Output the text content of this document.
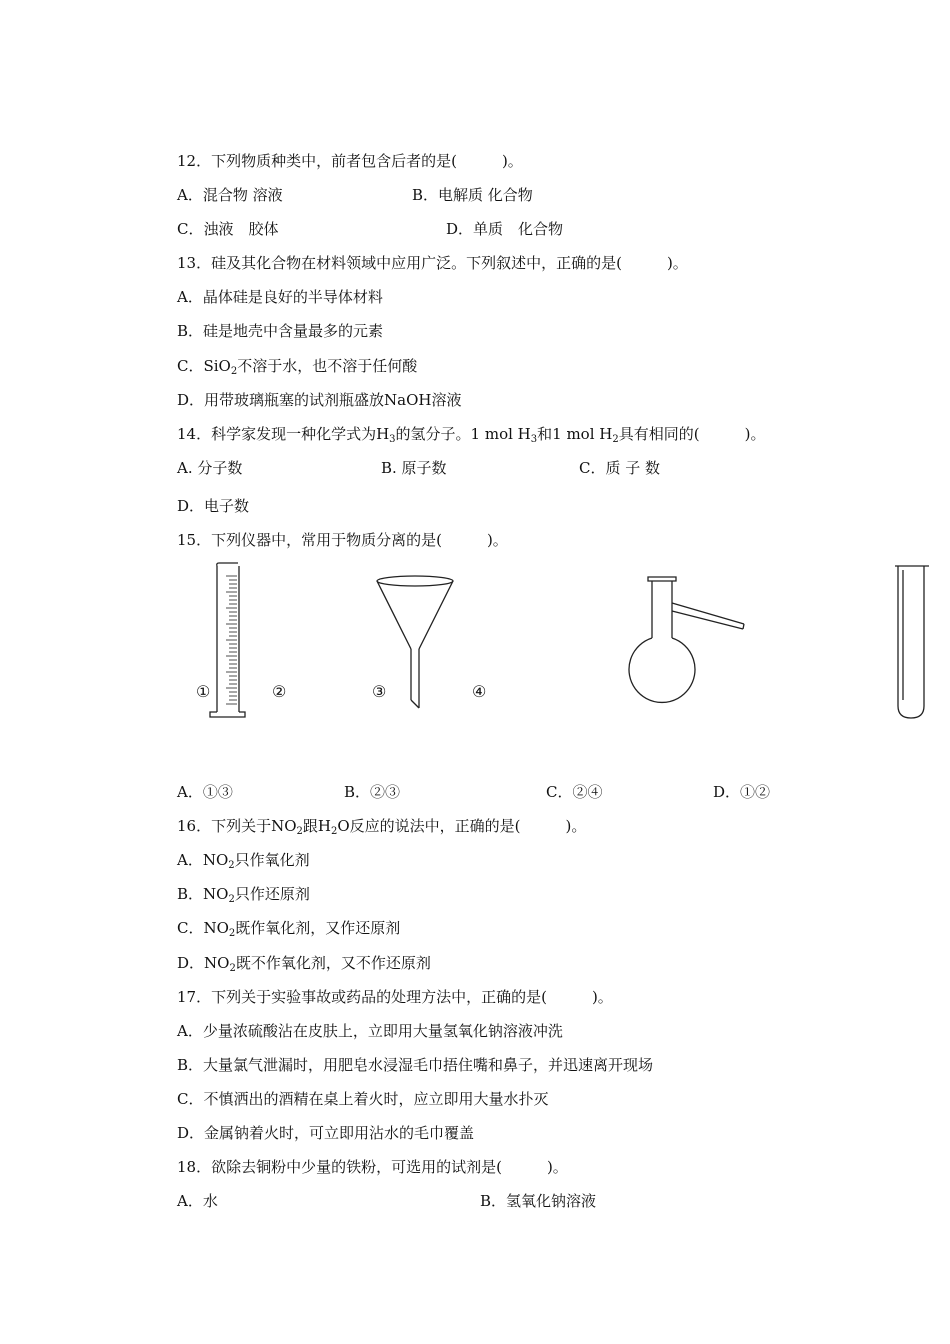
12．下列物质种类中，前者包含后者的是(　　　)。
A．混合物 溶液	B．电解质 化合物
C．浊液　胶体	D．单质　化合物
13．硅及其化合物在材料领域中应用广泛。下列叙述中，正确的是(　　　)。
A．晶体硅是良好的半导体材料
B．硅是地壳中含量最多的元素
C．SiO$_2$不溶于水，也不溶于任何酸
D．用带玻璃瓶塞的试剂瓶盛放NaOH溶液
14．科学家发现一种化学式为$H_3$的氢分子。1 mol $H_3$和1 mol $H_2$具有相同的(　　　)。
A. 分子数	B. 原子数	C．质 子 数
D．电子数
15．下列仪器中，常用于物质分离的是(　　　)。
①	②	③	④
A．①③	B．②③	C．②④	D．①②
16．下列关于$NO_2$跟$H_2O$反应的说法中，正确的是(　　　)。
A．$NO_2$只作氧化剂
B．$NO_2$只作还原剂
C．$NO_2$既作氧化剂，又作还原剂
D．$NO_2$既不作氧化剂，又不作还原剂
17．下列关于实验事故或药品的处理方法中，正确的是(　　　)。
A．少量浓硫酸沾在皮肤上，立即用大量氢氧化钠溶液冲洗
B．大量氯气泄漏时，用肥皂水浸湿毛巾捂住嘴和鼻子，并迅速离开现场
C．不慎洒出的酒精在桌上着火时，应立即用大量水扑灭
D．金属钠着火时，可立即用沾水的毛巾覆盖
18．欲除去铜粉中少量的铁粉，可选用的试剂是(　　　)。
A．水	B．氢氧化钠溶液
